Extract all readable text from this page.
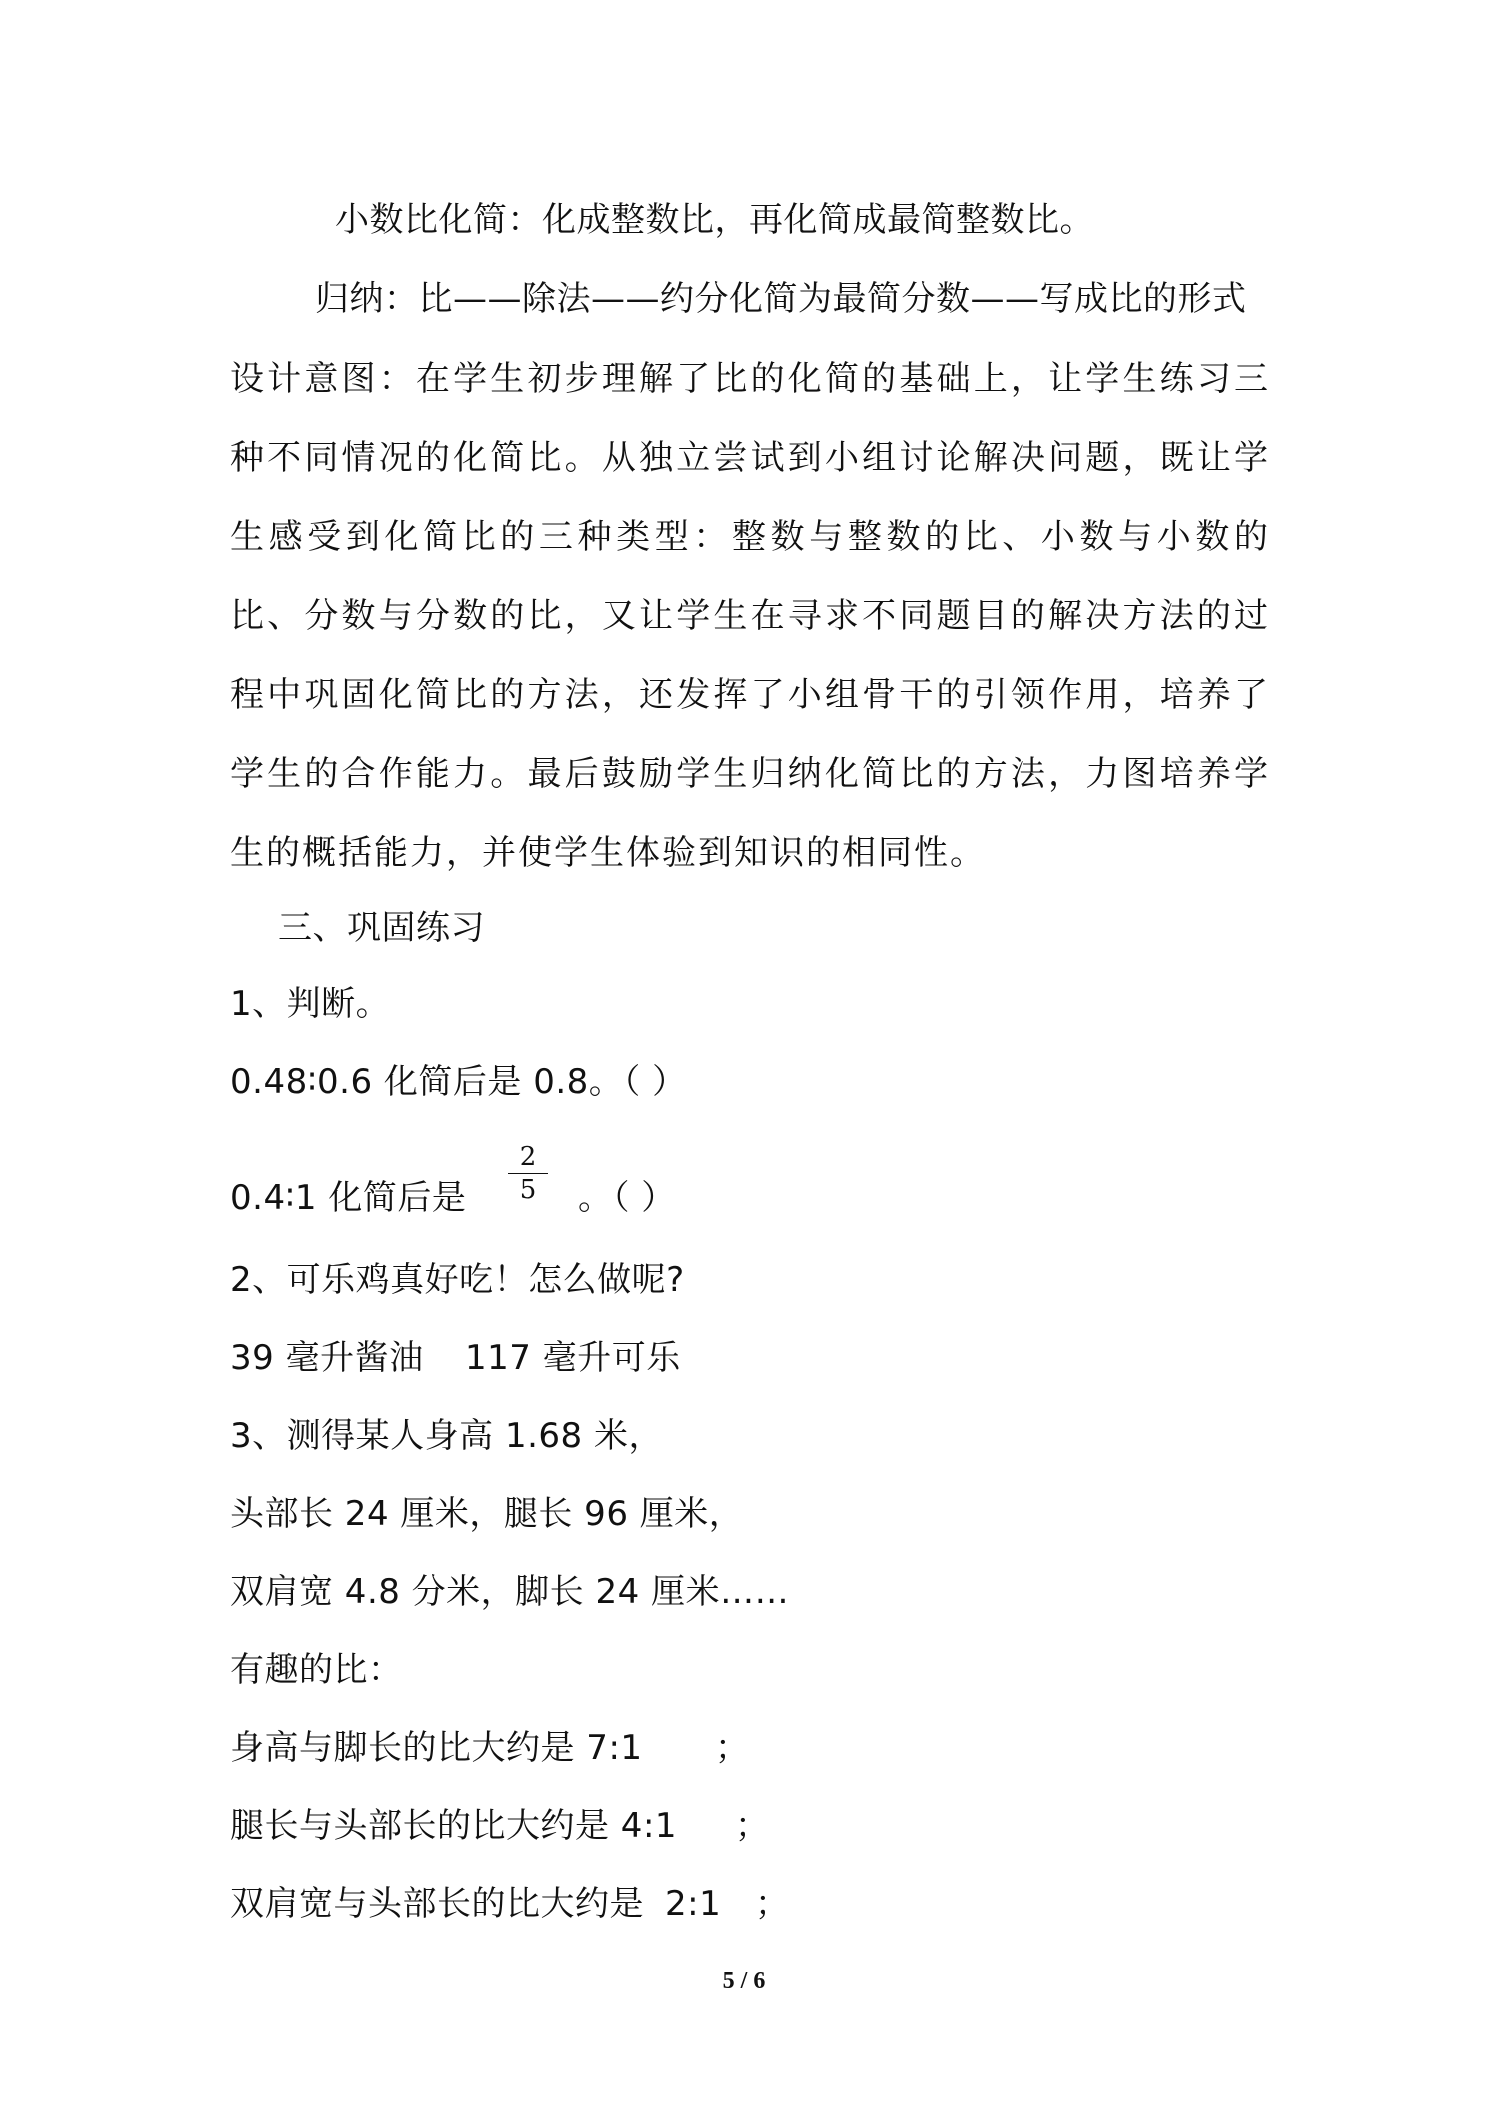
小数比化简：化成整数比，再化简成最简整数比。
归纳：比——除法——约分化简为最简分数——写成比的形式

设计意图：在学生初步理解了比的化简的基础上，让学生练习三种不同情况的化简比。从独立尝试到小组讨论解决问题，既让学生感受到化简比的三种类型：整数与整数的比、小数与小数的比、分数与分数的比，又让学生在寻求不同题目的解决方法的过程中巩固化简比的方法，还发挥了小组骨干的引领作用，培养了学生的合作能力。最后鼓励学生归纳化简比的方法，力图培养学生的概括能力，并使学生体验到知识的相同性。

三、巩固练习
1、判断。
0.48∶0.6 化简后是 0.8。（ ）
0.4∶1 化简后是 $\frac{2}{5}$ 。（ ）
2、可乐鸡真好吃！怎么做呢?
39 毫升酱油 117 毫升可乐
3、测得某人身高 1.68 米，
头部长 24 厘米，腿长 96 厘米，
双肩宽 4.8 分米，脚长 24 厘米……
有趣的比：
身高与脚长的比大约是 7:1 ；
腿长与头部长的比大约是 4:1 ；
双肩宽与头部长的比大约是 2:1 ；
5 / 6
